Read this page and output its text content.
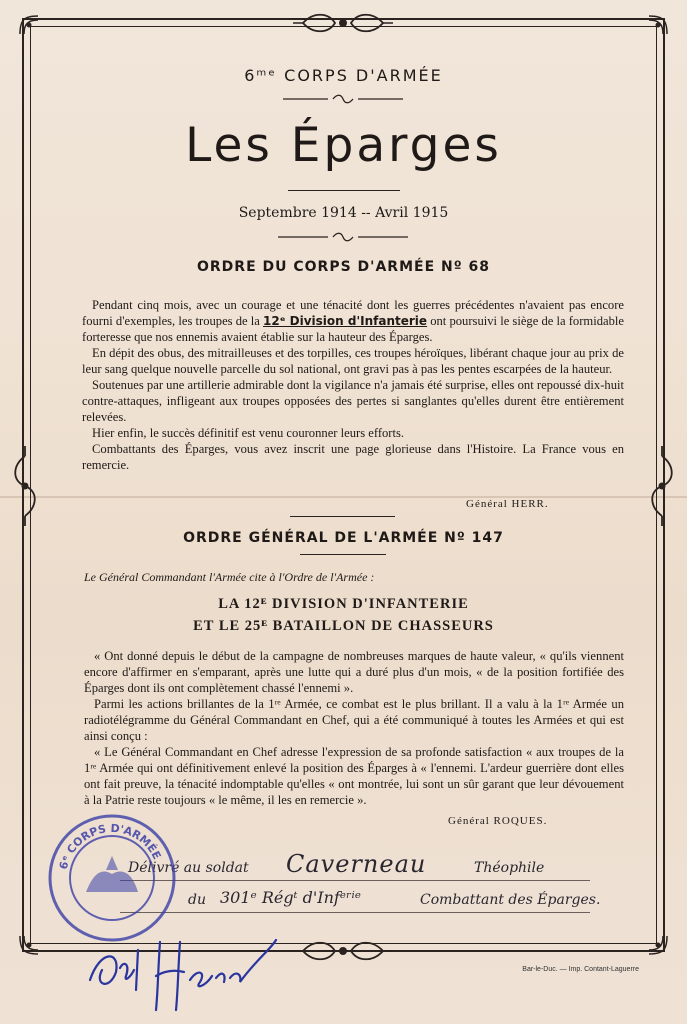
6ᵐᵉ CORPS D'ARMÉE
Les Éparges
Septembre 1914 -- Avril 1915
ORDRE DU CORPS D'ARMÉE Nº 68

Pendant cinq mois, avec un courage et une ténacité dont les guerres précédentes n'avaient pas encore fourni d'exemples, les troupes de la 12ᵉ Division d'Infanterie ont poursuivi le siège de la formidable forteresse que nos ennemis avaient établie sur la hauteur des Éparges.

En dépit des obus, des mitrailleuses et des torpilles, ces troupes héroïques, libérant chaque jour au prix de leur sang quelque nouvelle parcelle du sol national, ont gravi pas à pas les pentes escarpées de la hauteur.

Soutenues par une artillerie admirable dont la vigilance n'a jamais été surprise, elles ont repoussé dix-huit contre-attaques, infligeant aux troupes opposées des pertes si sanglantes qu'elles durent être entièrement relevées.

Hier enfin, le succès définitif est venu couronner leurs efforts.

Combattants des Éparges, vous avez inscrit une page glorieuse dans l'Histoire. La France vous en remercie.

Général HERR.
ORDRE GÉNÉRAL DE L'ARMÉE Nº 147
Le Général Commandant l'Armée cite à l'Ordre de l'Armée :
LA 12ᴱ DIVISION D'INFANTERIE
ET LE 25ᴱ BATAILLON DE CHASSEURS

« Ont donné depuis le début de la campagne de nombreuses marques de haute valeur, « qu'ils viennent encore d'affirmer en s'emparant, après une lutte qui a duré plus d'un mois, « de la position fortifiée des Éparges dont ils ont complètement chassé l'ennemi ».

Parmi les actions brillantes de la 1ʳᵉ Armée, ce combat est le plus brillant. Il a valu à la 1ʳᵉ Armée un radiotélégramme du Général Commandant en Chef, qui a été communiqué à toutes les Armées et qui est ainsi conçu :

« Le Général Commandant en Chef adresse l'expression de sa profonde satisfaction « aux troupes de la 1ʳᵉ Armée qui ont définitivement enlevé la position des Éparges à « l'ennemi. L'ardeur guerrière dont elles ont fait preuve, la ténacité indomptable qu'elles « ont montrée, lui sont un sûr garant que leur dévouement à la Patrie reste toujours « le même, il les en remercie ».

Général ROQUES.
Délivré au soldat Caverneau	Théophile
du 301ᵉ Régᵗ d'Infᵉʳⁱᵉ	Combattant des Éparges.
6ᵉ CORPS D'ARMÉE
Bar-le-Duc. — Imp. Contant-Laguerre
